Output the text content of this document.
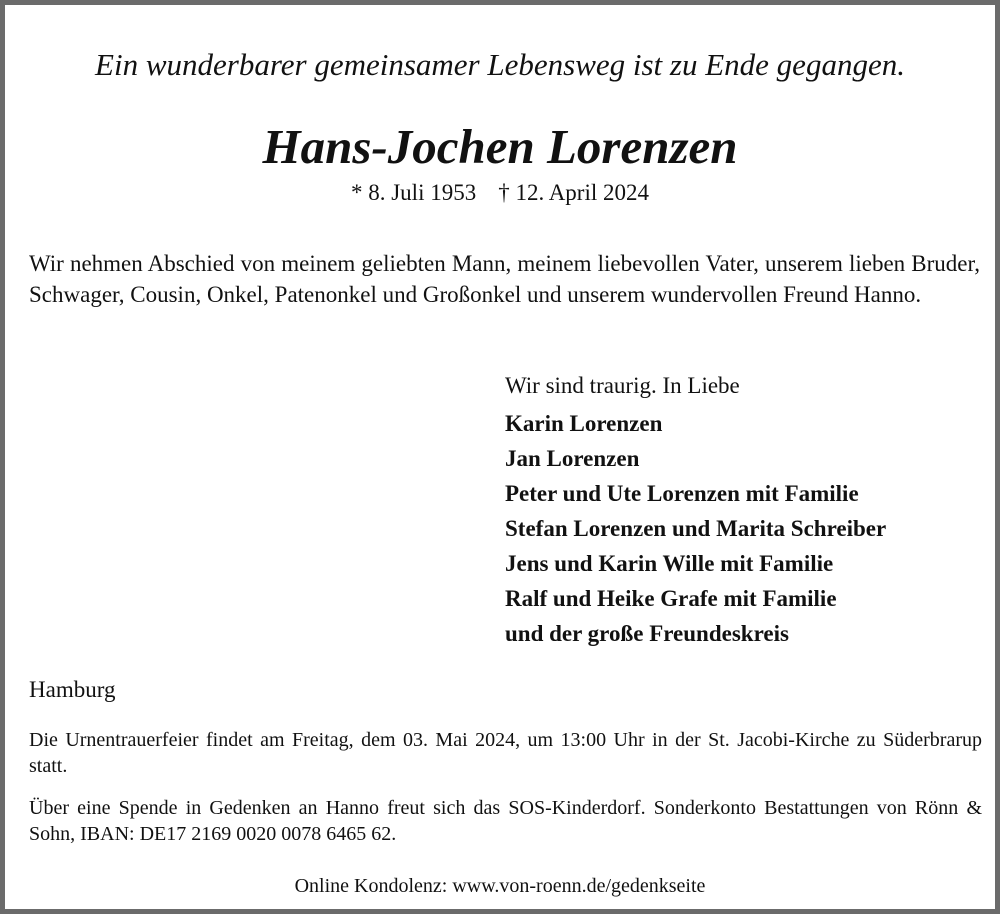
Ein wunderbarer gemeinsamer Lebensweg ist zu Ende gegangen.
Hans-Jochen Lorenzen
* 8. Juli 1953 † 12. April 2024

Wir nehmen Abschied von meinem geliebten Mann, meinem liebevollen Vater, unserem lieben Bruder, Schwager, Cousin, Onkel, Patenonkel und Großonkel und unserem wundervollen Freund Hanno.

Wir sind traurig. In Liebe
Karin Lorenzen
Jan Lorenzen
Peter und Ute Lorenzen mit Familie
Stefan Lorenzen und Marita Schreiber
Jens und Karin Wille mit Familie
Ralf und Heike Grafe mit Familie
und der große Freundeskreis
Hamburg

Die Urnentrauerfeier findet am Freitag, dem 03. Mai 2024, um 13:00 Uhr in der St. Jacobi-Kirche zu Süderbrarup statt.

Über eine Spende in Gedenken an Hanno freut sich das SOS-Kinderdorf. Sonderkonto Bestattungen von Rönn & Sohn, IBAN: DE17 2169 0020 0078 6465 62.

Online Kondolenz: www.von-roenn.de/gedenkseite
